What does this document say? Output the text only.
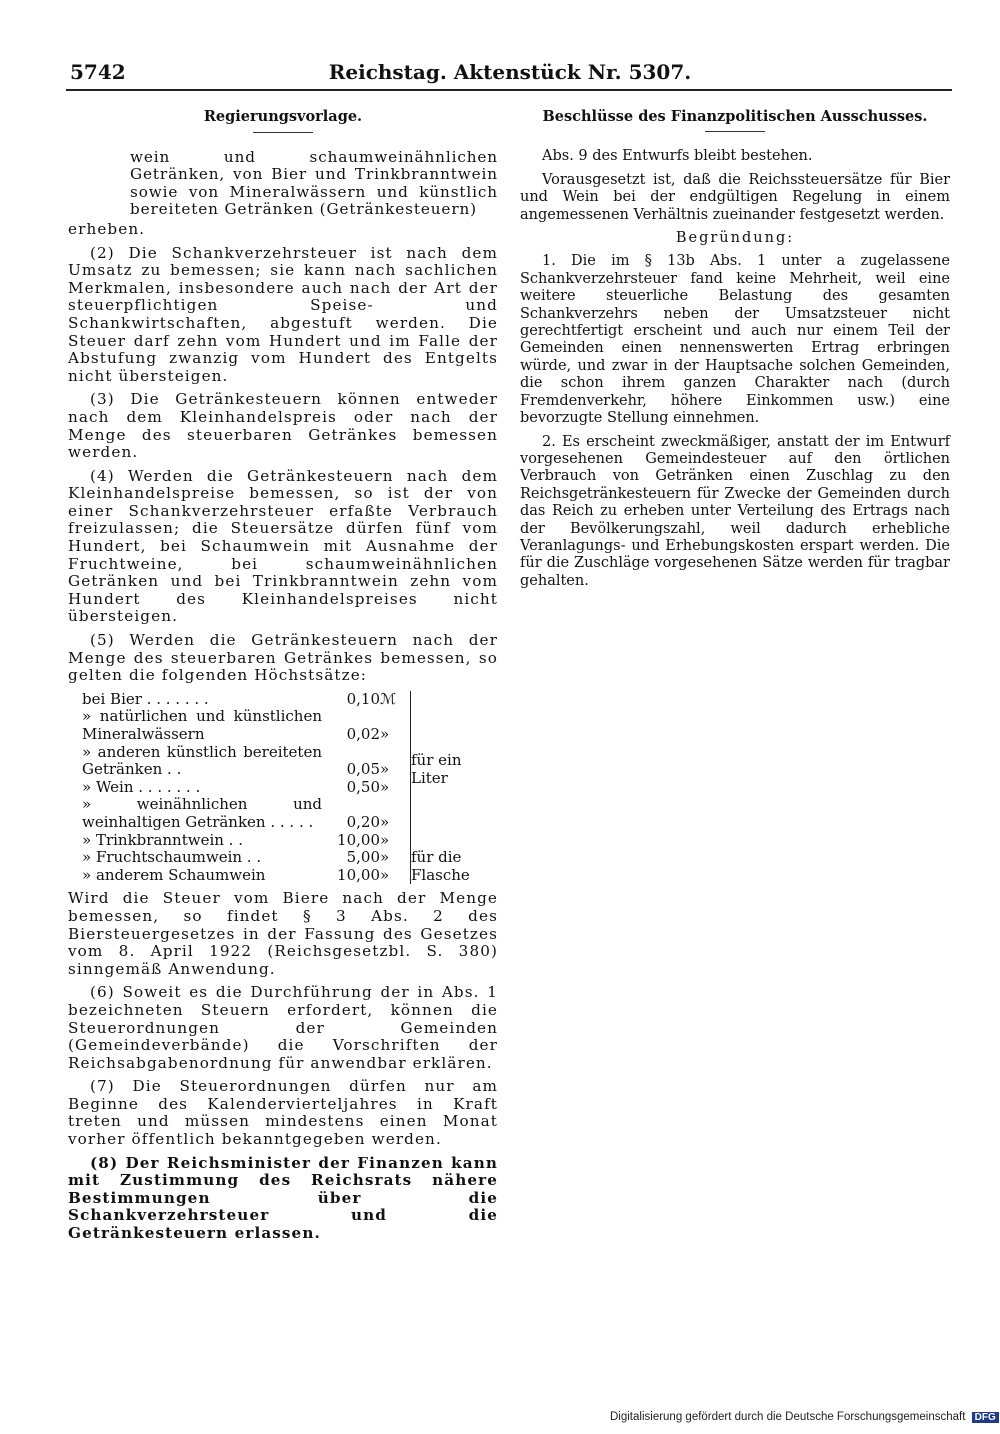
5742	Reichstag. Aktenstück Nr. 5307.
Regierungsvorlage.

wein und schaumweinähnlichen Getränken, von Bier und Trinkbranntwein sowie von Mineralwässern und künstlich bereiteten Getränken (Getränkesteuern)

erheben.

(2) Die Schankverzehrsteuer ist nach dem Umsatz zu bemessen; sie kann nach sachlichen Merkmalen, insbesondere auch nach der Art der steuerpflichtigen Speise- und Schankwirtschaften, abgestuft werden. Die Steuer darf zehn vom Hundert und im Falle der Abstufung zwanzig vom Hundert des Entgelts nicht übersteigen.

(3) Die Getränkesteuern können entweder nach dem Kleinhandelspreis oder nach der Menge des steuerbaren Getränkes bemessen werden.

(4) Werden die Getränkesteuern nach dem Kleinhandelspreise bemessen, so ist der von einer Schankverzehrsteuer erfaßte Verbrauch freizulassen; die Steuersätze dürfen fünf vom Hundert, bei Schaumwein mit Ausnahme der Fruchtweine, bei schaumweinähnlichen Getränken und bei Trinkbranntwein zehn vom Hundert des Kleinhandelspreises nicht übersteigen.

(5) Werden die Getränkesteuern nach der Menge des steuerbaren Getränkes bemessen, so gelten die folgenden Höchstsätze:

bei Bier . . . . . . .	0,10	ℳ		für ein Liter
» natürlichen und künstlichen Mineralwässern	0,02	»		
» anderen künstlich bereiteten Getränken . .	0,05	»		
» Wein . . . . . . .	0,50	»		
» weinähnlichen und weinhaltigen Getränken . . . . .	0,20	»		
» Trinkbranntwein . .	10,00	»		
» Fruchtschaumwein . .	5,00	»		für die Flasche
» anderem Schaumwein	10,00	»		

Wird die Steuer vom Biere nach der Menge bemessen, so findet § 3 Abs. 2 des Biersteuergesetzes in der Fassung des Gesetzes vom 8. April 1922 (Reichsgesetzbl. S. 380) sinngemäß Anwendung.

(6) Soweit es die Durchführung der in Abs. 1 bezeichneten Steuern erfordert, können die Steuerordnungen der Gemeinden (Gemeindeverbände) die Vorschriften der Reichsabgabenordnung für anwendbar erklären.

(7) Die Steuerordnungen dürfen nur am Beginne des Kalendervierteljahres in Kraft treten und müssen mindestens einen Monat vorher öffentlich bekanntgegeben werden.

(8) Der Reichsminister der Finanzen kann mit Zustimmung des Reichsrats nähere Bestimmungen über die Schankverzehrsteuer und die Getränkesteuern erlassen.

Beschlüsse des Finanzpolitischen Ausschusses.

Abs. 9 des Entwurfs bleibt bestehen.

Vorausgesetzt ist, daß die Reichssteuersätze für Bier und Wein bei der endgültigen Regelung in einem angemessenen Verhältnis zueinander festgesetzt werden.

Begründung:

1. Die im § 13b Abs. 1 unter a zugelassene Schankverzehrsteuer fand keine Mehrheit, weil eine weitere steuerliche Belastung des gesamten Schankverzehrs neben der Umsatzsteuer nicht gerechtfertigt erscheint und auch nur einem Teil der Gemeinden einen nennenswerten Ertrag erbringen würde, und zwar in der Hauptsache solchen Gemeinden, die schon ihrem ganzen Charakter nach (durch Fremdenverkehr, höhere Einkommen usw.) eine bevorzugte Stellung einnehmen.

2. Es erscheint zweckmäßiger, anstatt der im Entwurf vorgesehenen Gemeindesteuer auf den örtlichen Verbrauch von Getränken einen Zuschlag zu den Reichsgetränkesteuern für Zwecke der Gemeinden durch das Reich zu erheben unter Verteilung des Ertrags nach der Bevölkerungszahl, weil dadurch erhebliche Veranlagungs- und Erhebungskosten erspart werden. Die für die Zuschläge vorgesehenen Sätze werden für tragbar gehalten.

Digitalisierung gefördert durch die Deutsche Forschungsgemeinschaft DFG
